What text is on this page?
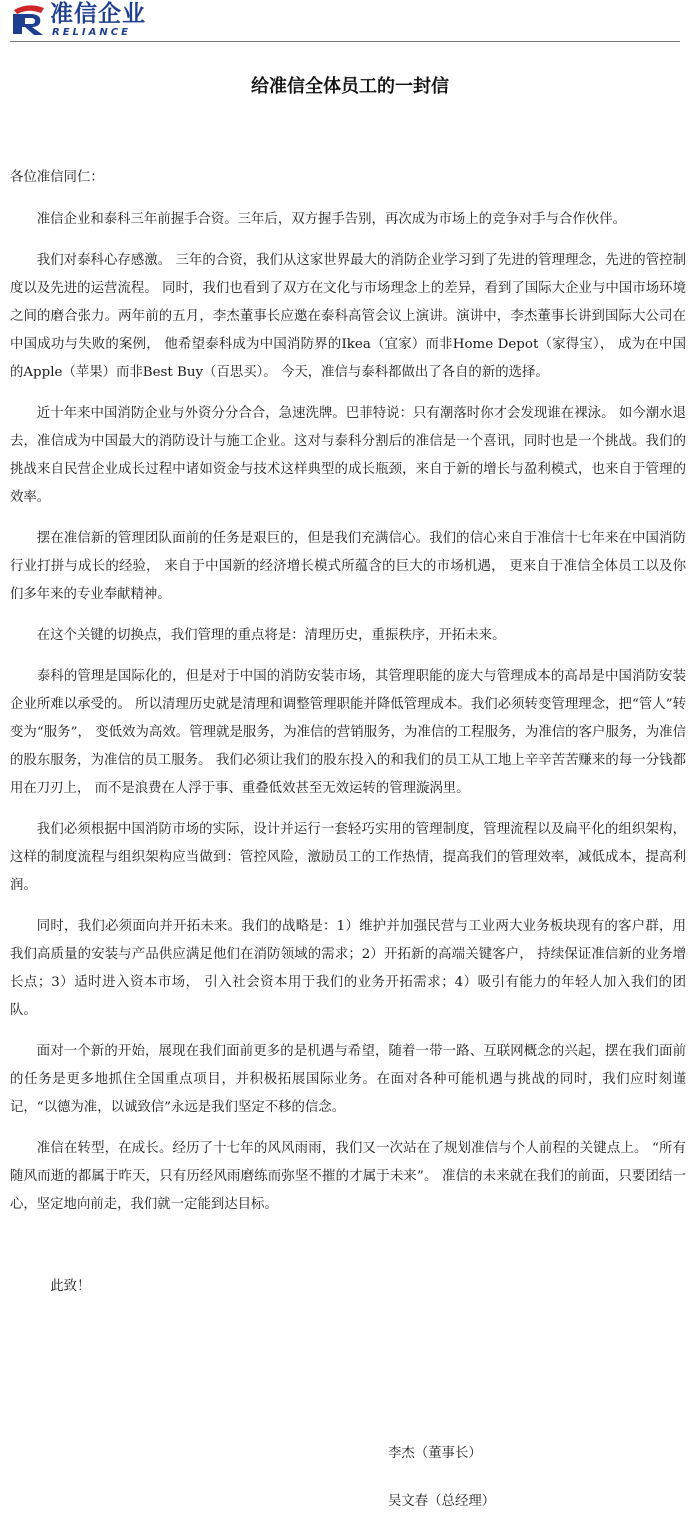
准信企业
RELIANCE
给准信全体员工的一封信

各位准信同仁：

准信企业和泰科三年前握手合资。三年后，双方握手告别，再次成为市场上的竞争对手与合作伙伴。

我们对泰科心存感激。 三年的合资，我们从这家世界最大的消防企业学习到了先进的管理理念，先进的管控制度以及先进的运营流程。 同时，我们也看到了双方在文化与市场理念上的差异，看到了国际大企业与中国市场环境之间的磨合张力。两年前的五月，李杰董事长应邀在泰科高管会议上演讲。演讲中，李杰董事长讲到国际大公司在中国成功与失败的案例， 他希望泰科成为中国消防界的Ikea（宜家）而非Home Depot（家得宝）， 成为在中国的Apple（苹果）而非Best Buy（百思买）。 今天，准信与泰科都做出了各自的新的选择。

近十年来中国消防企业与外资分分合合，急速洗牌。巴菲特说：只有潮落时你才会发现谁在裸泳。 如今潮水退去，准信成为中国最大的消防设计与施工企业。这对与泰科分割后的准信是一个喜讯，同时也是一个挑战。我们的挑战来自民营企业成长过程中诸如资金与技术这样典型的成长瓶颈，来自于新的增长与盈利模式，也来自于管理的效率。

摆在准信新的管理团队面前的任务是艰巨的，但是我们充满信心。我们的信心来自于准信十七年来在中国消防行业打拼与成长的经验， 来自于中国新的经济增长模式所蕴含的巨大的市场机遇， 更来自于准信全体员工以及你们多年来的专业奉献精神。

在这个关键的切换点，我们管理的重点将是：清理历史，重振秩序，开拓未来。

泰科的管理是国际化的，但是对于中国的消防安装市场，其管理职能的庞大与管理成本的高昂是中国消防安装企业所难以承受的。 所以清理历史就是清理和调整管理职能并降低管理成本。我们必须转变管理理念，把“管人”转变为“服务”， 变低效为高效。管理就是服务，为准信的营销服务，为准信的工程服务，为准信的客户服务，为准信的股东服务，为准信的员工服务。 我们必须让我们的股东投入的和我们的员工从工地上辛辛苦苦赚来的每一分钱都用在刀刃上， 而不是浪费在人浮于事、重叠低效甚至无效运转的管理漩涡里。

我们必须根据中国消防市场的实际，设计并运行一套轻巧实用的管理制度，管理流程以及扁平化的组织架构，这样的制度流程与组织架构应当做到：管控风险，激励员工的工作热情，提高我们的管理效率，减低成本，提高利润。

同时，我们必须面向并开拓未来。我们的战略是：1）维护并加强民营与工业两大业务板块现有的客户群，用我们高质量的安装与产品供应满足他们在消防领域的需求；2）开拓新的高端关键客户， 持续保证准信新的业务增长点；3）适时进入资本市场， 引入社会资本用于我们的业务开拓需求；4）吸引有能力的年轻人加入我们的团队。

面对一个新的开始，展现在我们面前更多的是机遇与希望，随着一带一路、互联网概念的兴起，摆在我们面前的任务是更多地抓住全国重点项目，并积极拓展国际业务。在面对各种可能机遇与挑战的同时，我们应时刻谨记，“以德为准，以诚致信”永远是我们坚定不移的信念。

准信在转型，在成长。经历了十七年的风风雨雨，我们又一次站在了规划准信与个人前程的关键点上。 “所有随风而逝的都属于昨天，只有历经风雨磨练而弥坚不摧的才属于未来”。 准信的未来就在我们的前面，只要团结一心，坚定地向前走，我们就一定能到达目标。

此致！

李杰（董事长）
吴文春（总经理）
